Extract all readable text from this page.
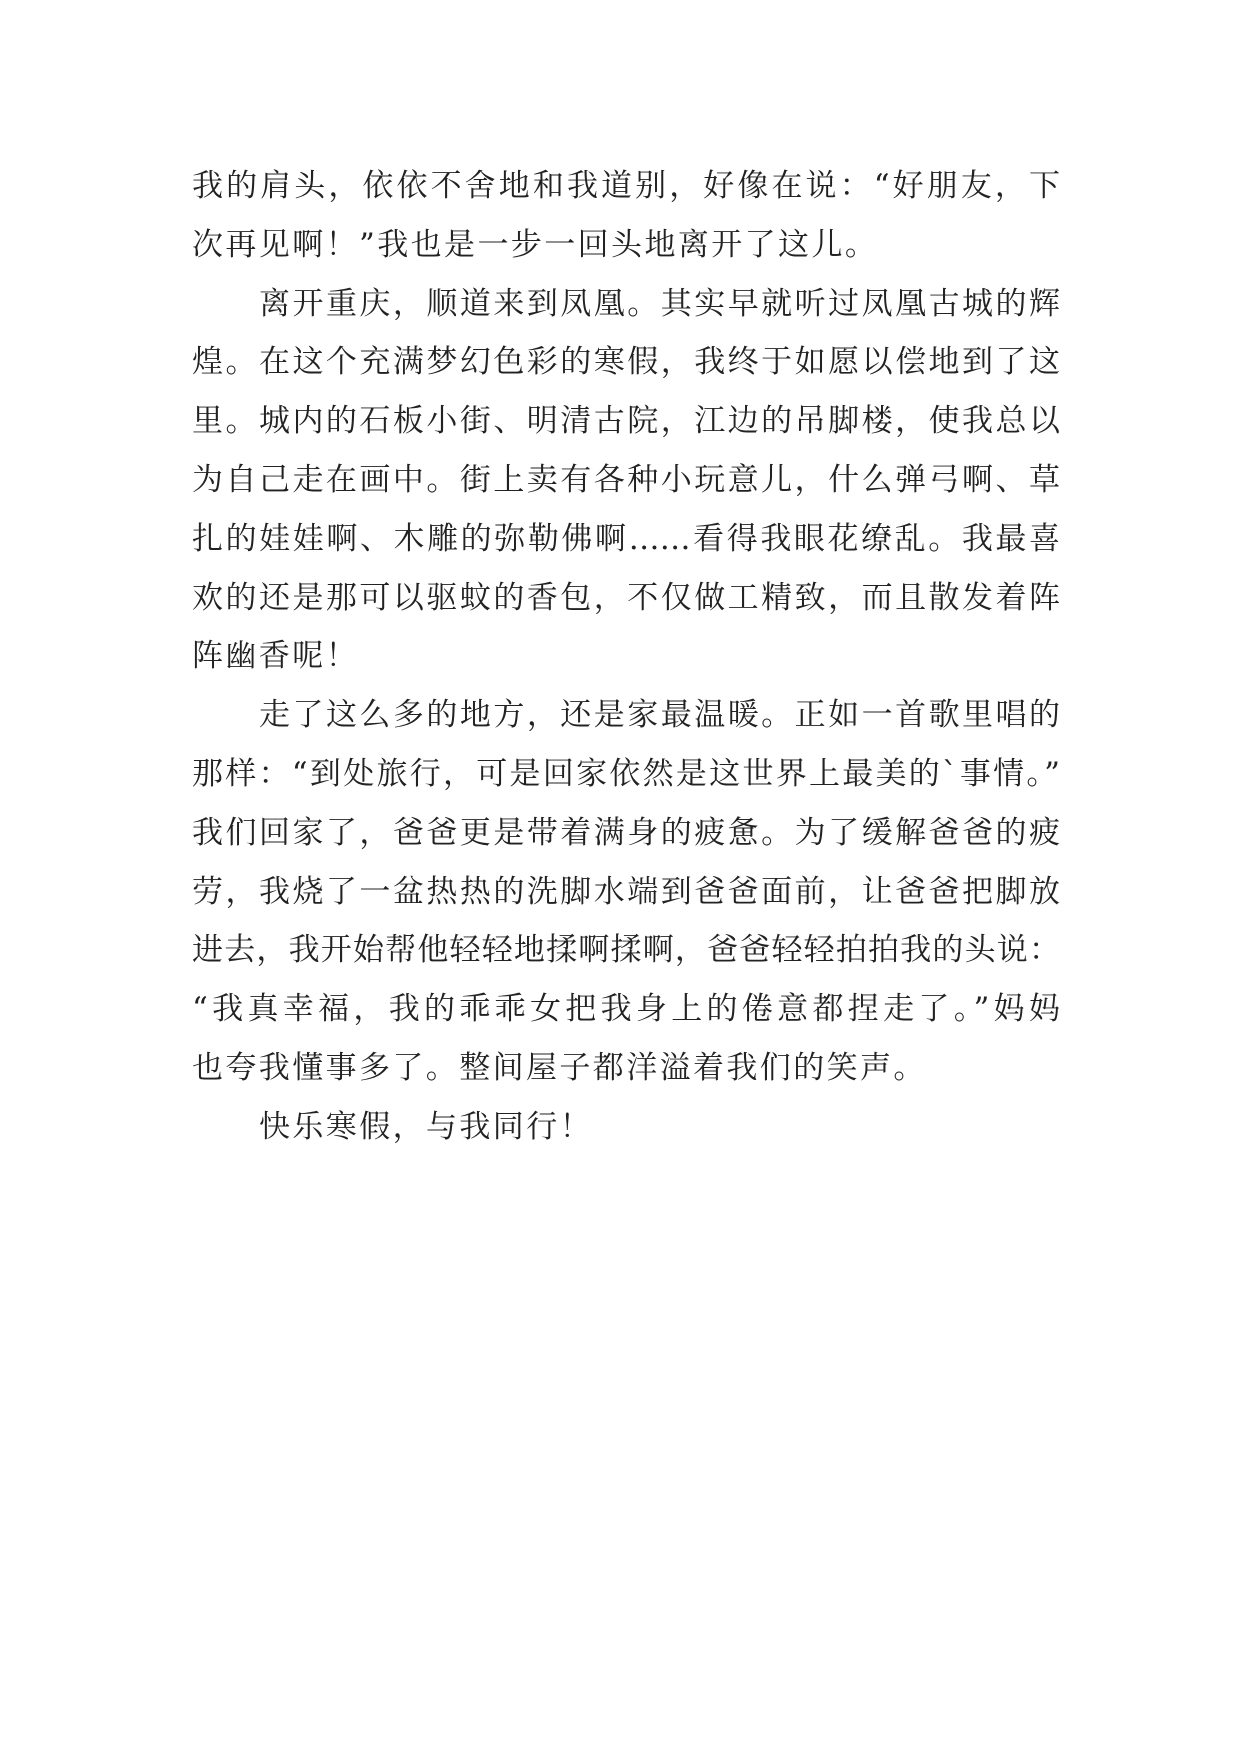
我的肩头，依依不舍地和我道别，好像在说：“好朋友，下
次再见啊！”我也是一步一回头地离开了这儿。
离开重庆，顺道来到凤凰。其实早就听过凤凰古城的辉
煌。在这个充满梦幻色彩的寒假，我终于如愿以偿地到了这
里。城内的石板小街、明清古院，江边的吊脚楼，使我总以
为自己走在画中。街上卖有各种小玩意儿，什么弹弓啊、草
扎的娃娃啊、木雕的弥勒佛啊……看得我眼花缭乱。我最喜
欢的还是那可以驱蚊的香包，不仅做工精致，而且散发着阵
阵幽香呢！
走了这么多的地方，还是家最温暖。正如一首歌里唱的
那样：“到处旅行，可是回家依然是这世界上最美的`事情。”
我们回家了，爸爸更是带着满身的疲惫。为了缓解爸爸的疲
劳，我烧了一盆热热的洗脚水端到爸爸面前，让爸爸把脚放
进去，我开始帮他轻轻地揉啊揉啊，爸爸轻轻拍拍我的头说：
“我真幸福，我的乖乖女把我身上的倦意都捏走了。”妈妈
也夸我懂事多了。整间屋子都洋溢着我们的笑声。
快乐寒假，与我同行！
